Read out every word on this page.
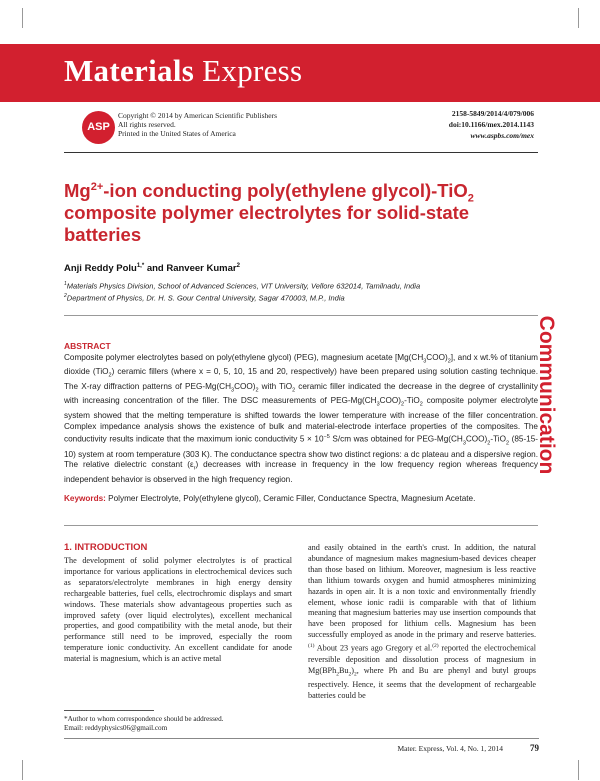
Materials Express
ASP
Copyright © 2014 by American Scientific Publishers
All rights reserved.
Printed in the United States of America
2158-5849/2014/4/079/006
doi:10.1166/mex.2014.1143
www.aspbs.com/mex
Communication
$Mg^{2+}$-ion conducting poly(ethylene glycol)-TiO$_2$ composite polymer electrolytes for solid-state batteries
Anji Reddy Polu$^{1,*}$ and Ranveer Kumar$^2$
$^1$Materials Physics Division, School of Advanced Sciences, VIT University, Vellore 632014, Tamilnadu, India
$^2$Department of Physics, Dr. H. S. Gour Central University, Sagar 470003, M.P., India
ABSTRACT
Composite polymer electrolytes based on poly(ethylene glycol) (PEG), magnesium acetate $[Mg(CH_3COO)_2]$, and x wt.% of titanium dioxide (TiO$_2$) ceramic fillers (where x = 0, 5, 10, 15 and 20, respectively) have been prepared using solution casting technique. The X-ray diffraction patterns of PEG-$Mg(CH_3COO)_2$ with TiO$_2$ ceramic filler indicated the decrease in the degree of crystallinity with increasing concentration of the filler. The DSC measurements of PEG-$Mg(CH_3COO)_2-TiO_2$ composite polymer electrolyte system showed that the melting temperature is shifted towards the lower temperature with increase of the filler concentration. Complex impedance analysis shows the existence of bulk and material-electrode interface properties of the composites. The conductivity results indicate that the maximum ionic conductivity $5 \times 10^{-5}$ S/cm was obtained for PEG-$Mg(CH_3COO)_2-TiO_2$ (85-15-10) system at room temperature (303 K). The conductance spectra show two distinct regions: a dc plateau and a dispersive region. The relative dielectric constant $(\varepsilon_r)$ decreases with increase in frequency in the low frequency region whereas frequency independent behavior is observed in the high frequency region.
Keywords: Polymer Electrolyte, Poly(ethylene glycol), Ceramic Filler, Conductance Spectra, Magnesium Acetate.
1. INTRODUCTION
The development of solid polymer electrolytes is of practical importance for various applications in electrochemical devices such as separators/electrolyte membranes in high energy density rechargeable batteries, fuel cells, electrochromic displays and smart windows. These materials show advantageous properties such as improved safety (over liquid electrolytes), excellent mechanical properties, and good compatibility with the metal anode, but their performance still need to be improved, especially the room temperature ionic conductivity. An excellent candidate for anode material is magnesium, which is an active metal
and easily obtained in the earth's crust. In addition, the natural abundance of magnesium makes magnesium-based devices cheaper than those based on lithium. Moreover, magnesium is less reactive than lithium towards oxygen and humid atmospheres minimizing hazards in open air. It is a non toxic and environmentally friendly element, whose ionic radii is comparable with that of lithium meaning that magnesium batteries may use insertion compounds that have been proposed for lithium cells. Magnesium has been successfully employed as anode in the primary and reserve batteries.$^{(1)}$ About 23 years ago Gregory et al.$^{(2)}$ reported the electrochemical reversible deposition and dissolution process of magnesium in $Mg(BPh_2Bu_2)_2$, where Ph and Bu are phenyl and butyl groups respectively. Hence, it seems that the development of rechargeable batteries could be
*Author to whom correspondence should be addressed.
Email: reddyphysics06@gmail.com
Mater. Express, Vol. 4, No. 1, 2014	79
